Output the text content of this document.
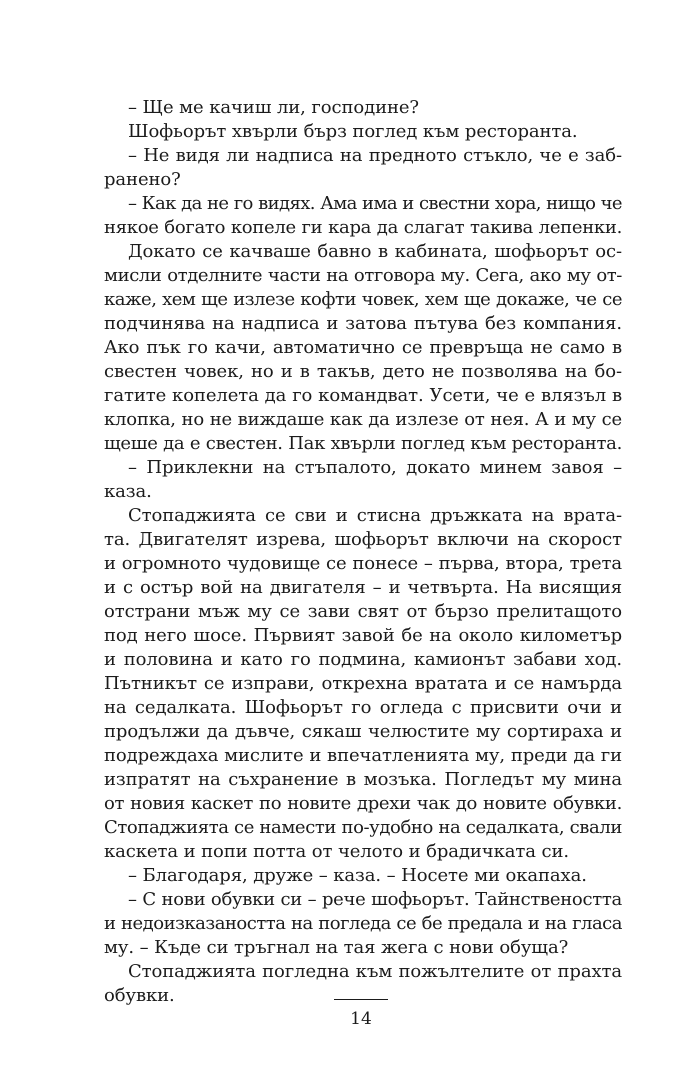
– Ще ме качиш ли, господине?
Шофьорът хвърли бърз поглед към ресторанта.
– Не видя ли надписа на предното стъкло, че е заб-
ранено?
– Как да не го видях. Ама има и свестни хора, нищо че
някое богато копеле ги кара да слагат такива лепенки.
Докато се качваше бавно в кабината, шофьорът ос-
мисли отделните части на отговора му. Сега, ако му от-
каже, хем ще излезе кофти човек, хем ще докаже, че се
подчинява на надписа и затова пътува без компания.
Ако пък го качи, автоматично се превръща не само в
свестен човек, но и в такъв, дето не позволява на бо-
гатите копелета да го командват. Усети, че е влязъл в
клопка, но не виждаше как да излезе от нея. А и му се
щеше да е свестен. Пак хвърли поглед към ресторанта.
– Приклекни на стъпалото, докато минем завоя –
каза.
Стопаджията се сви и стисна дръжката на врата-
та. Двигателят изрева, шофьорът включи на скорост
и огромното чудовище се понесе – първа, втора, трета
и с остър вой на двигателя – и четвърта. На висящия
отстрани мъж му се зави свят от бързо прелитащото
под него шосе. Първият завой бе на около километър
и половина и като го подмина, камионът забави ход.
Пътникът се изправи, открехна вратата и се намърда
на седалката. Шофьорът го огледа с присвити очи и
продължи да дъвче, сякаш челюстите му сортираха и
подреждаха мислите и впечатленията му, преди да ги
изпратят на съхранение в мозъка. Погледът му мина
от новия каскет по новите дрехи чак до новите обувки.
Стопаджията се намести по-удобно на седалката, свали
каскета и попи потта от челото и брадичката си.
– Благодаря, друже – каза. – Носете ми окапаха.
– С нови обувки си – рече шофьорът. Тайнствеността
и недоизказаността на погледа се бе предала и на гласа
му. – Къде си тръгнал на тая жега с нови обуща?
Стопаджията погледна към пожълтелите от прахта
обувки.
14
